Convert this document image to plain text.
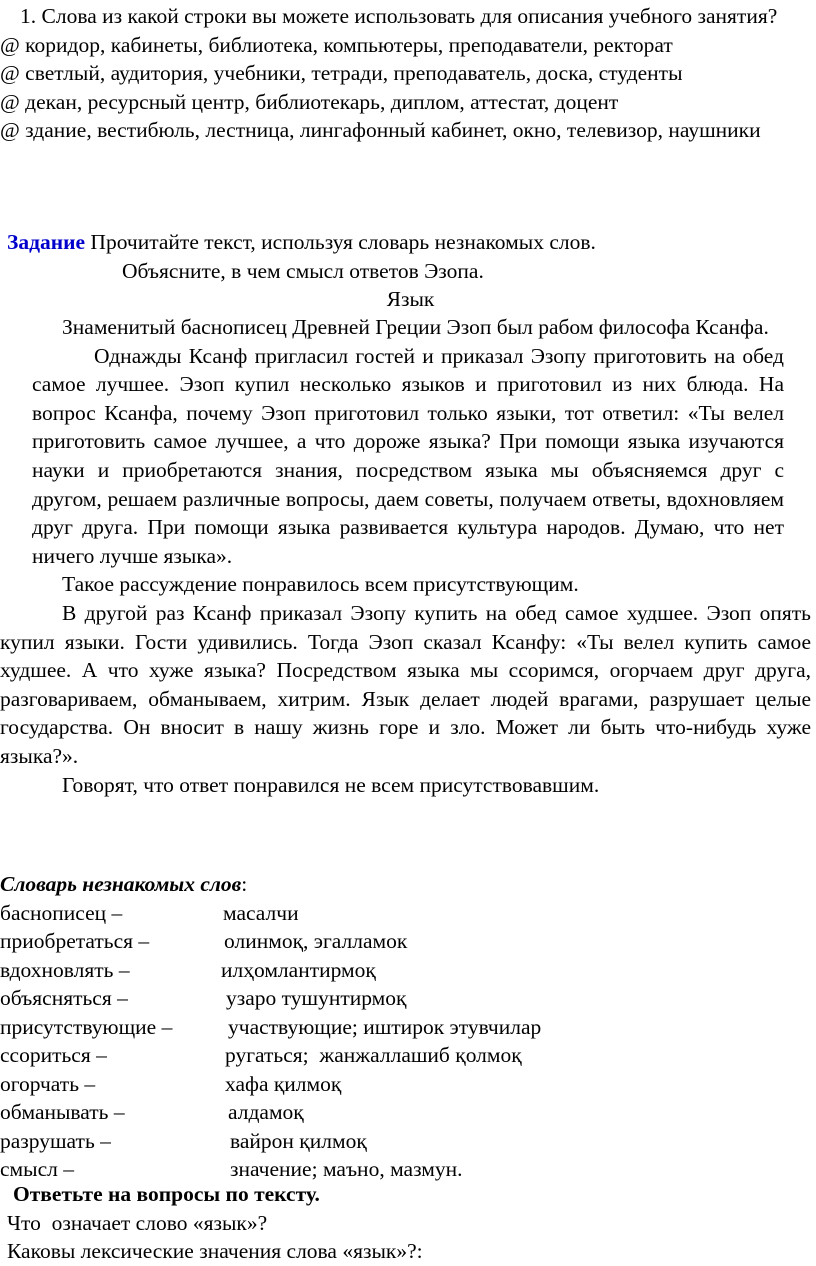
1. Слова из какой строки вы можете использовать для описания учебного занятия?

@ коридор, кабинеты, библиотека, компьютеры, преподаватели, ректорат

@ светлый, аудитория, учебники, тетради, преподаватель, доска, студенты

@ декан, ресурсный центр, библиотекарь, диплом, аттестат, доцент

@ здание, вестибюль, лестница, лингафонный кабинет, окно, телевизор, наушники

Задание Прочитайте текст, используя словарь незнакомых слов.

Объясните, в чем смысл ответов Эзопа.

Язык

Знаменитый баснописец Древней Греции Эзоп был рабом философа Ксанфа.

Однажды Ксанф пригласил гостей и приказал Эзопу приготовить на обед самое лучшее. Эзоп купил несколько языков и приготовил из них блюда. На вопрос Ксанфа, почему Эзоп приготовил только языки, тот ответил: «Ты велел приготовить самое лучшее, а что дороже языка? При помощи языка изучаются науки и приобретаются знания, посредством языка мы объясняемся друг с другом, решаем различные вопросы, даем советы, получаем ответы, вдохновляем друг друга. При помощи языка развивается культура народов. Думаю, что нет ничего лучше языка».

Такое рассуждение понравилось всем присутствующим.

В другой раз Ксанф приказал Эзопу купить на обед самое худшее. Эзоп опять купил языки. Гости удивились. Тогда Эзоп сказал Ксанфу: «Ты велел купить самое худшее. А что хуже языка? Посредством языка мы ссоримся, огорчаем друг друга, разговариваем, обманываем, хитрим. Язык делает людей врагами, разрушает целые государства. Он вносит в нашу жизнь горе и зло. Может ли быть что-нибудь хуже языка?».

Говорят, что ответ понравился не всем присутствовавшим.

Словарь незнакомых слов:

баснописец –	масалчи
приобретаться –	олинмоқ, эгалламок
вдохновлять –	илҳомлантирмоқ
объясняться –	узаро тушунтирмоқ
присутствующие –	участвующие; иштирок этувчилар
ссориться –	ругаться;  жанжаллашиб қолмоқ
огорчать –	хафа қилмоқ
обманывать –	алдамоқ
разрушать –	вайрон қилмоқ
смысл –	значение; маъно, мазмун.

Ответьте на вопросы по тексту.

Что  означает слово «язык»?

Каковы лексические значения слова «язык»?:
